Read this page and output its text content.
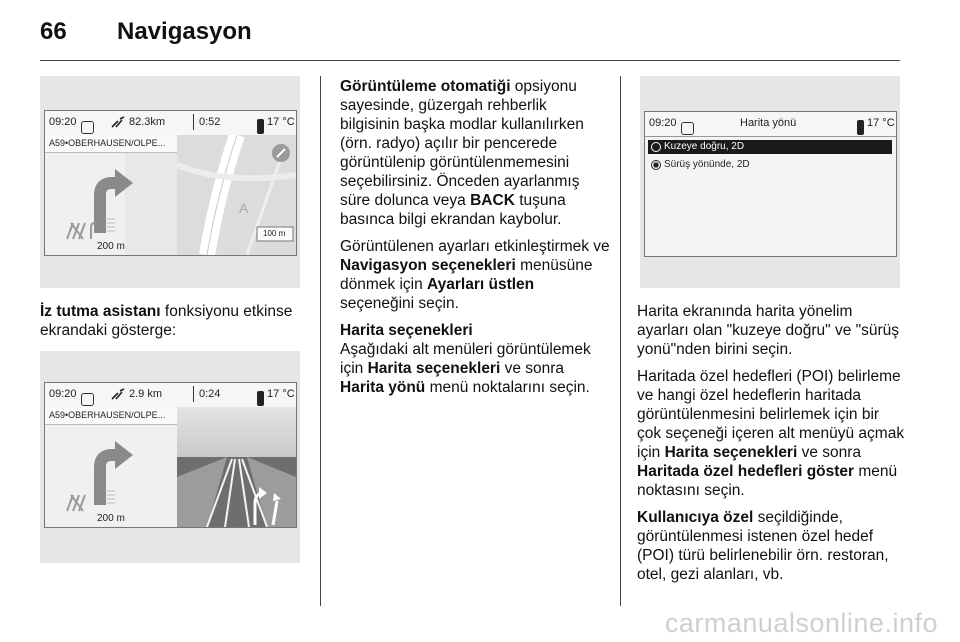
66 Navigasyon
09:20	82.3km	0:52	17 °C
A59•OBERHAUSEN/OLPE...
200 m
A
100 m

İz tutma asistanı fonksiyonu etkinse ekrandaki gösterge:

09:20	2.9 km	0:24	17 °C
A59•OBERHAUSEN/OLPE...
200 m

Görüntüleme otomatiği opsiyonu sayesinde, güzergah rehberlik bilgisinin başka modlar kullanılırken (örn. radyo) açılır bir pencerede görüntülenip görüntülenmemesini seçebilirsiniz. Önceden ayarlanmış süre dolunca veya BACK tuşuna basınca bilgi ekrandan kaybolur.

Görüntülenen ayarları etkinleştirmek ve Navigasyon seçenekleri menüsüne dönmek için Ayarları üstlen seçeneğini seçin.

Harita seçenekleri

Aşağıdaki alt menüleri görüntülemek için Harita seçenekleri ve sonra Harita yönü menü noktalarını seçin.

09:20	Harita yönü	17 °C
Kuzeye doğru, 2D
Sürüş yönünde, 2D

Harita ekranında harita yönelim ayarları olan "kuzeye doğru" ve "sürüş yonü"nden birini seçin.

Haritada özel hedefleri (POI) belirleme ve hangi özel hedeflerin haritada görüntülenmesini belirlemek için bir çok seçeneği içeren alt menüyü açmak için Harita seçenekleri ve sonra Haritada özel hedefleri göster menü noktasını seçin.

Kullanıcıya özel seçildiğinde, görüntülenmesi istenen özel hedef (POI) türü belirlenebilir örn. restoran, otel, gezi alanları, vb.

carmanualsonline.info
